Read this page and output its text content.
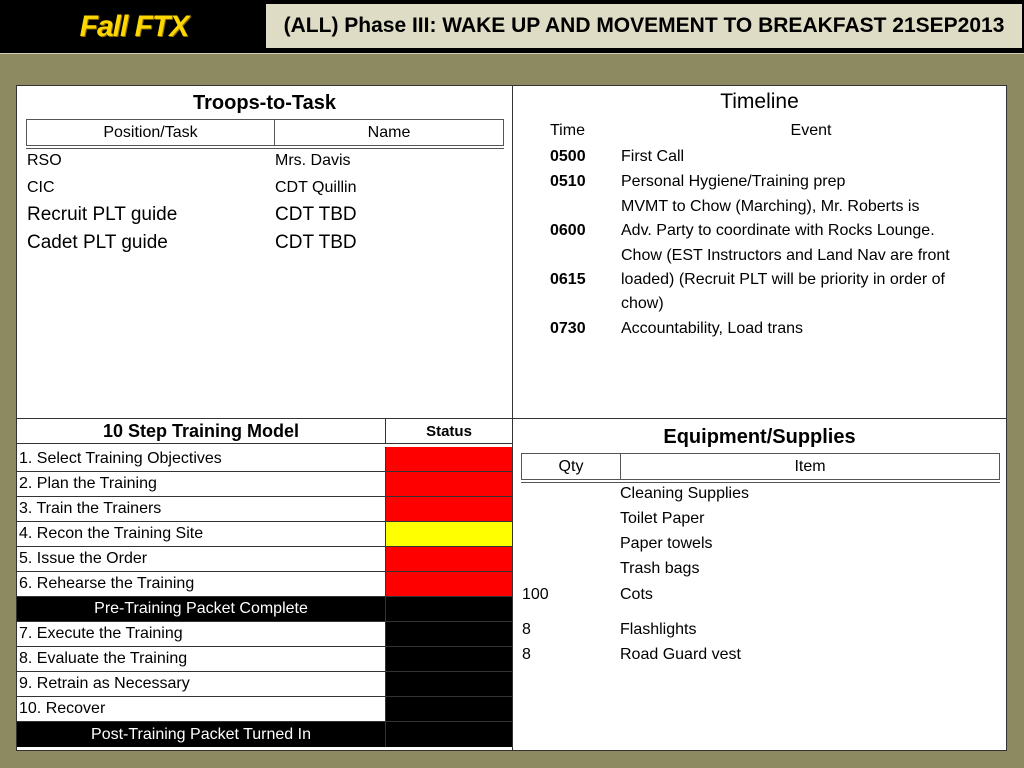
Fall FTX	(ALL) Phase III: WAKE UP AND MOVEMENT TO BREAKFAST 21SEP2013
Troops-to-Task
Position/Task	Name
RSO	Mrs. Davis
CIC	CDT Quillin
Recruit PLT guide	CDT TBD
Cadet PLT guide	CDT TBD
Timeline
Time	Event
0500 First Call
0510 Personal Hygiene/Training prep
0600
MVMT to Chow (Marching), Mr. Roberts is
Adv. Party to coordinate with Rocks Lounge.
0615
Chow (EST Instructors and Land Nav are front
loaded) (Recruit PLT will be priority in order of
chow)
0730 Accountability, Load trans
10 Step Training Model	Status
1. Select Training Objectives
2. Plan the Training
3. Train the Trainers
4. Recon the Training Site
5. Issue the Order
6. Rehearse the Training
Pre-Training Packet Complete
7. Execute the Training
8. Evaluate the Training
9. Retrain as Necessary
10. Recover
Post-Training Packet Turned In
Equipment/Supplies
Qty	Item
Cleaning Supplies
Toilet Paper
Paper towels
Trash bags
100	Cots
8	Flashlights
8	Road Guard vest
